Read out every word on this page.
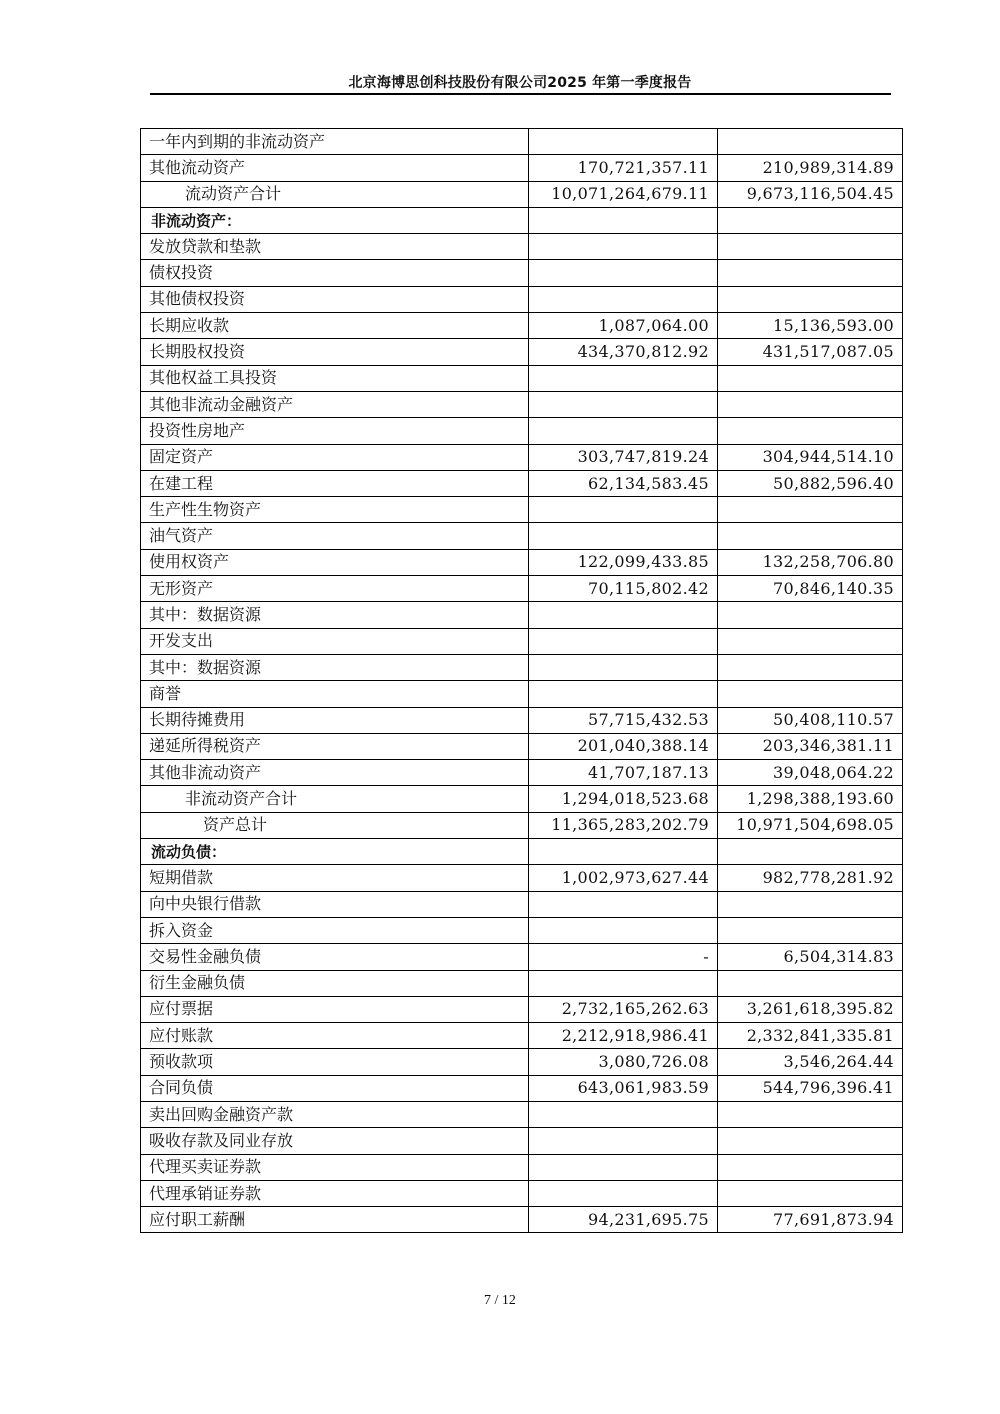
北京海博思创科技股份有限公司2025 年第一季度报告
一年内到期的非流动资产		
其他流动资产	170,721,357.11	210,989,314.89
流动资产合计	10,071,264,679.11	9,673,116,504.45
非流动资产：		
发放贷款和垫款		
债权投资		
其他债权投资		
长期应收款	1,087,064.00	15,136,593.00
长期股权投资	434,370,812.92	431,517,087.05
其他权益工具投资		
其他非流动金融资产		
投资性房地产		
固定资产	303,747,819.24	304,944,514.10
在建工程	62,134,583.45	50,882,596.40
生产性生物资产		
油气资产		
使用权资产	122,099,433.85	132,258,706.80
无形资产	70,115,802.42	70,846,140.35
其中：数据资源		
开发支出		
其中：数据资源		
商誉		
长期待摊费用	57,715,432.53	50,408,110.57
递延所得税资产	201,040,388.14	203,346,381.11
其他非流动资产	41,707,187.13	39,048,064.22
非流动资产合计	1,294,018,523.68	1,298,388,193.60
资产总计	11,365,283,202.79	10,971,504,698.05
流动负债：		
短期借款	1,002,973,627.44	982,778,281.92
向中央银行借款		
拆入资金		
交易性金融负债	-	6,504,314.83
衍生金融负债		
应付票据	2,732,165,262.63	3,261,618,395.82
应付账款	2,212,918,986.41	2,332,841,335.81
预收款项	3,080,726.08	3,546,264.44
合同负债	643,061,983.59	544,796,396.41
卖出回购金融资产款		
吸收存款及同业存放		
代理买卖证券款		
代理承销证券款		
应付职工薪酬	94,231,695.75	77,691,873.94
7 / 12
